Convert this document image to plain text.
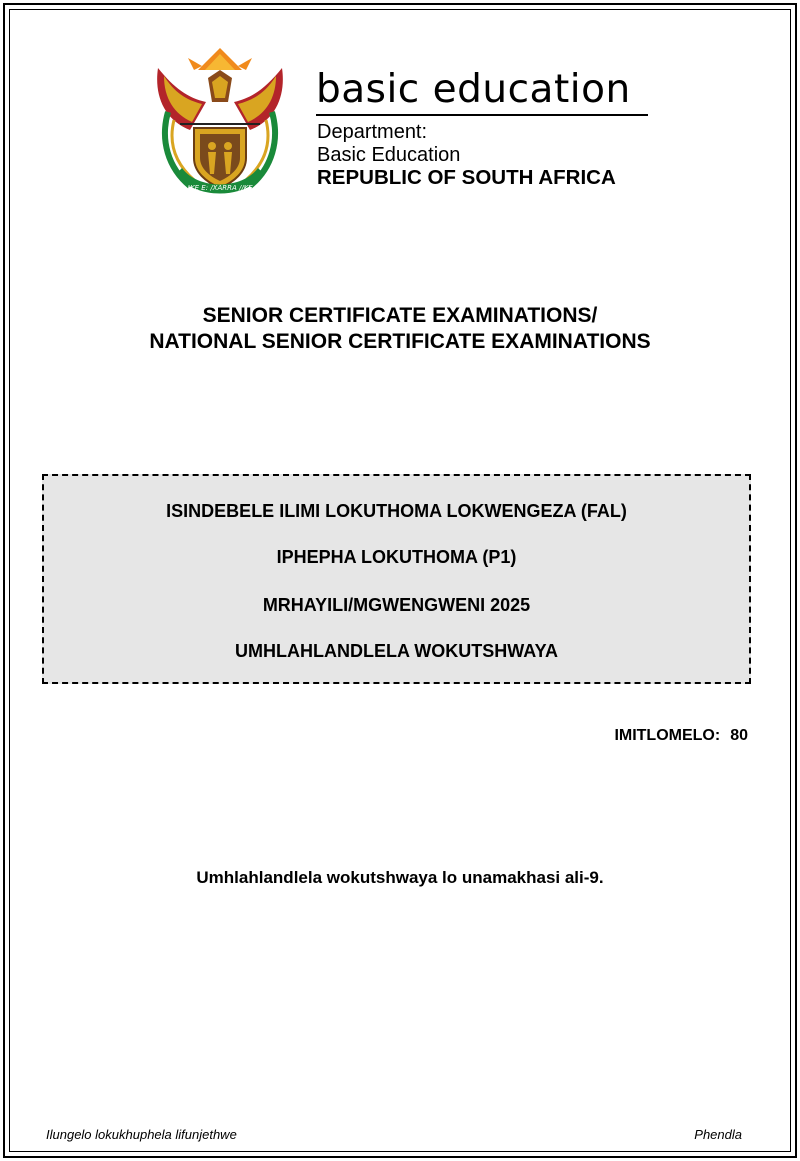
!KE E: /XARRA //KE
basic education
Department:
Basic Education
REPUBLIC OF SOUTH AFRICA
SENIOR CERTIFICATE EXAMINATIONS/
NATIONAL SENIOR CERTIFICATE EXAMINATIONS
ISINDEBELE ILIMI LOKUTHOMA LOKWENGEZA (FAL)
IPHEPHA LOKUTHOMA (P1)
MRHAYILI/MGWENGWENI 2025
UMHLAHLANDLELA WOKUTSHWAYA
IMITLOMELO: 80
Umhlahlandlela wokutshwaya lo unamakhasi ali-9.
Ilungelo lokukhuphela lifunjethwe	Phendla
